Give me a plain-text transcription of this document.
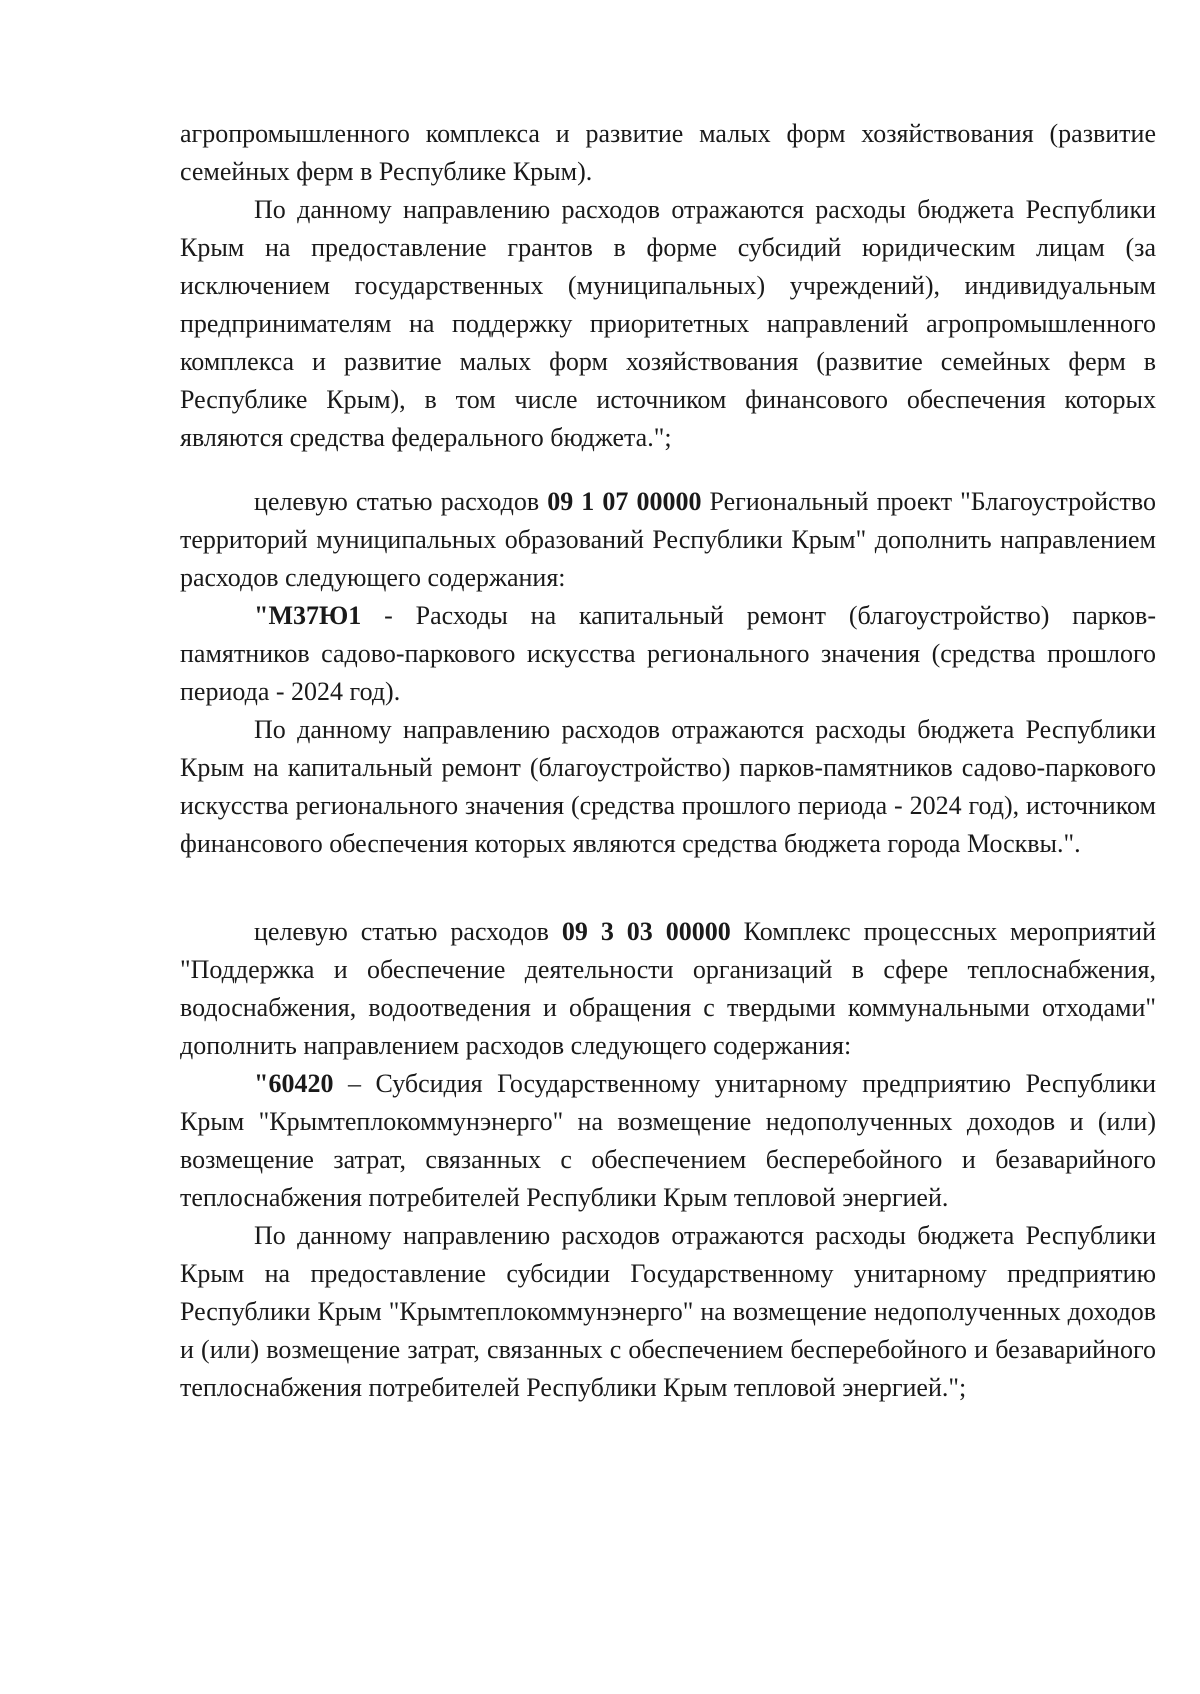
агропромышленного комплекса и развитие малых форм хозяйствования (развитие семейных ферм в Республике Крым).

По данному направлению расходов отражаются расходы бюджета Республики Крым на предоставление грантов в форме субсидий юридическим лицам (за исключением государственных (муниципальных) учреждений), индивидуальным предпринимателям на поддержку приоритетных направлений агропромышленного комплекса и развитие малых форм хозяйствования (развитие семейных ферм в Республике Крым), в том числе источником финансового обеспечения которых являются средства федерального бюджета.";

целевую статью расходов 09 1 07 00000 Региональный проект "Благоустройство территорий муниципальных образований Республики Крым" дополнить направлением расходов следующего содержания:

"М37Ю1 - Расходы на капитальный ремонт (благоустройство) парков-памятников садово-паркового искусства регионального значения (средства прошлого периода - 2024 год).

По данному направлению расходов отражаются расходы бюджета Республики Крым на капитальный ремонт (благоустройство) парков-памятников садово-паркового искусства регионального значения (средства прошлого периода - 2024 год), источником финансового обеспечения которых являются средства бюджета города Москвы.".

целевую статью расходов 09 3 03 00000 Комплекс процессных мероприятий "Поддержка и обеспечение деятельности организаций в сфере теплоснабжения, водоснабжения, водоотведения и обращения с твердыми коммунальными отходами" дополнить направлением расходов следующего содержания:

"60420 – Субсидия Государственному унитарному предприятию Республики Крым "Крымтеплокоммунэнерго" на возмещение недополученных доходов и (или) возмещение затрат, связанных с обеспечением бесперебойного и безаварийного теплоснабжения потребителей Республики Крым тепловой энергией.

По данному направлению расходов отражаются расходы бюджета Республики Крым на предоставление субсидии Государственному унитарному предприятию Республики Крым "Крымтеплокоммунэнерго" на возмещение недополученных доходов и (или) возмещение затрат, связанных с обеспечением бесперебойного и безаварийного теплоснабжения потребителей Республики Крым тепловой энергией.";
